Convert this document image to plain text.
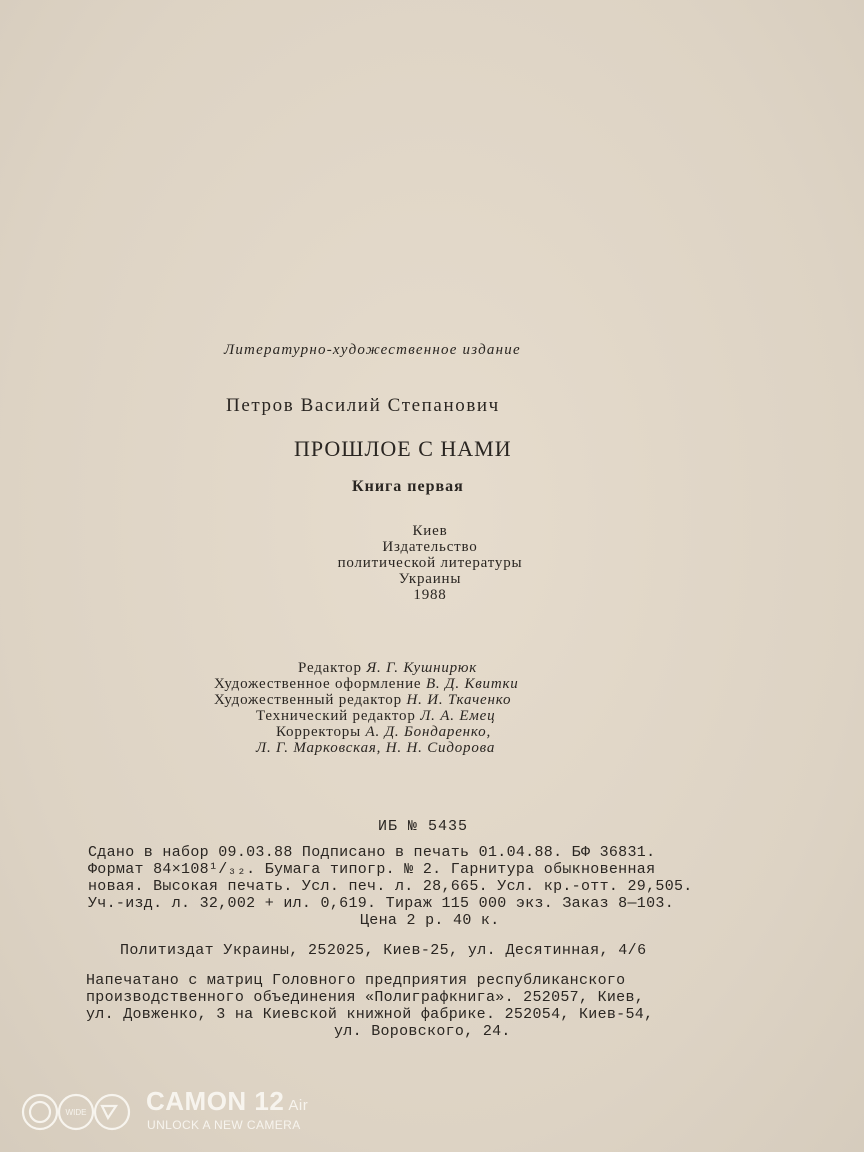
Литературно-художественное издание
Петров Василий Степанович
ПРОШЛОЕ С НАМИ
Книга первая
Киев
Издательство
политической литературы
Украины
1988
Редактор Я. Г. Кушнирюк
Художественное оформление В. Д. Квитки
Художественный редактор Н. И. Ткаченко
Технический редактор Л. А. Емец
Корректоры А. Д. Бондаренко,
Л. Г. Марковская, Н. Н. Сидорова
ИБ № 5435
Сдано в набор 09.03.88 Подписано в печать 01.04.88. БФ 36831.
Формат 84×108¹/₃₂. Бумага типогр. № 2. Гарнитура обыкновенная
новая. Высокая печать. Усл. печ. л. 28,665. Усл. кр.-отт. 29,505.
Уч.-изд. л. 32,002 + ил. 0,619. Тираж 115 000 экз. Заказ 8—103.
Цена 2 р. 40 к.
Политиздат Украины, 252025, Киев-25, ул. Десятинная, 4/6
Напечатано с матриц Головного предприятия республиканского
производственного объединения «Полиграфкнига». 252057, Киев,
ул. Довженко, 3 на Киевской книжной фабрике. 252054, Киев-54,
ул. Воровского, 24.
WIDE CAMON 12 Air
UNLOCK A NEW CAMERA
